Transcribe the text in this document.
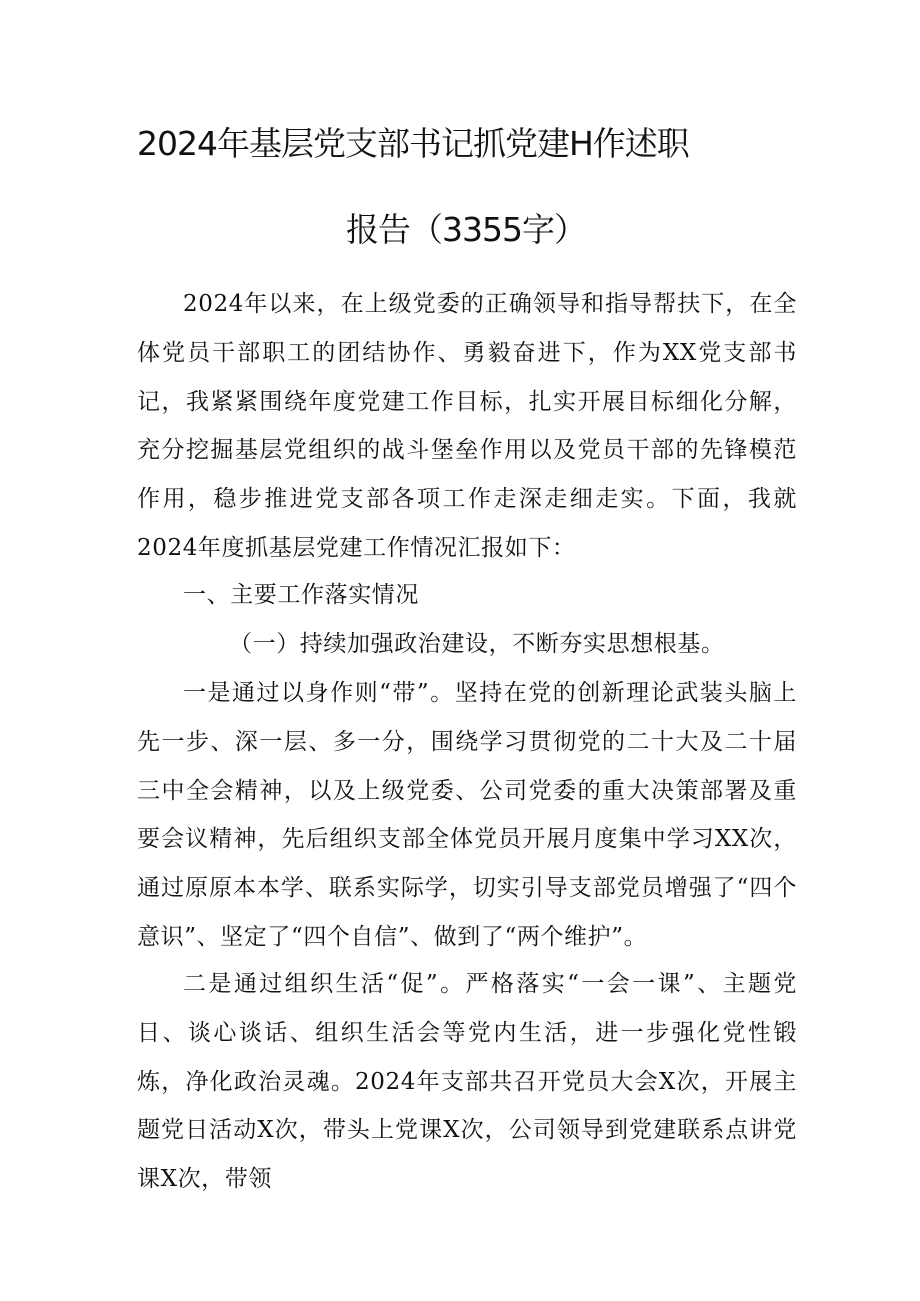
2024年基层党支部书记抓党建H作述职
报告（3355字）

2024年以来，在上级党委的正确领导和指导帮扶下，在全体党员干部职工的团结协作、勇毅奋进下，作为XX党支部书记，我紧紧围绕年度党建工作目标，扎实开展目标细化分解，充分挖掘基层党组织的战斗堡垒作用以及党员干部的先锋模范作用，稳步推进党支部各项工作走深走细走实。下面，我就2024年度抓基层党建工作情况汇报如下：

一、主要工作落实情况

（一）持续加强政治建设，不断夯实思想根基。

一是通过以身作则“带”。坚持在党的创新理论武装头脑上先一步、深一层、多一分，围绕学习贯彻党的二十大及二十届三中全会精神，以及上级党委、公司党委的重大决策部署及重要会议精神，先后组织支部全体党员开展月度集中学习XX次，通过原原本本学、联系实际学，切实引导支部党员增强了“四个意识”、坚定了“四个自信”、做到了“两个维护”。

二是通过组织生活“促”。严格落实“一会一课”、主题党日、谈心谈话、组织生活会等党内生活，进一步强化党性锻炼，净化政治灵魂。2024年支部共召开党员大会X次，开展主题党日活动X次，带头上党课X次，公司领导到党建联系点讲党课X次，带领
